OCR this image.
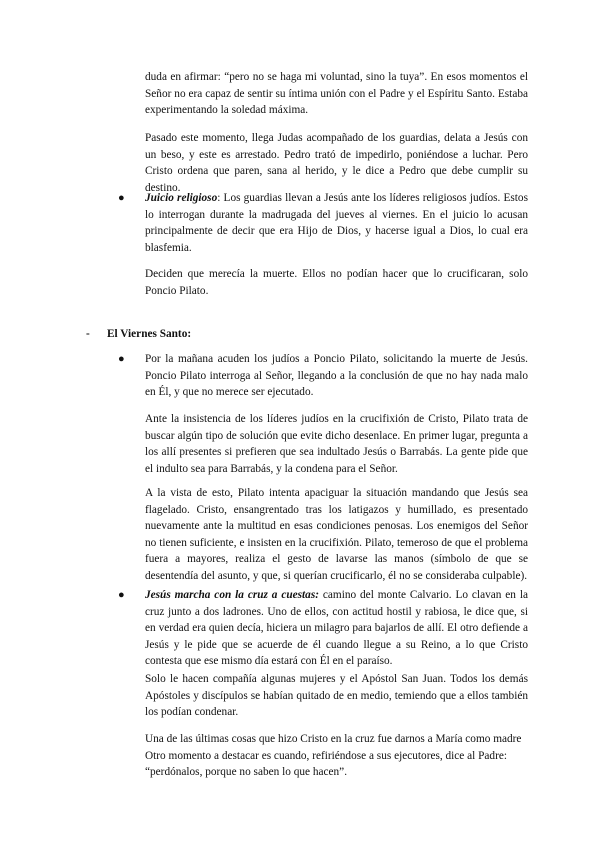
duda en afirmar: “pero no se haga mi voluntad, sino la tuya”. En esos momentos el Señor no era capaz de sentir su íntima unión con el Padre y el Espíritu Santo. Estaba experimentando la soledad máxima.

Pasado este momento, llega Judas acompañado de los guardias, delata a Jesús con un beso, y este es arrestado. Pedro trató de impedirlo, poniéndose a luchar. Pero Cristo ordena que paren, sana al herido, y le dice a Pedro que debe cumplir su destino.

● Juicio religioso: Los guardias llevan a Jesús ante los líderes religiosos judíos. Estos lo interrogan durante la madrugada del jueves al viernes. En el juicio lo acusan principalmente de decir que era Hijo de Dios, y hacerse igual a Dios, lo cual era blasfemia.

Deciden que merecía la muerte. Ellos no podían hacer que lo crucificaran, solo Poncio Pilato.

- El Viernes Santo:
● Por la mañana acuden los judíos a Poncio Pilato, solicitando la muerte de Jesús. Poncio Pilato interroga al Señor, llegando a la conclusión de que no hay nada malo en Él, y que no merece ser ejecutado.

Ante la insistencia de los líderes judíos en la crucifixión de Cristo, Pilato trata de buscar algún tipo de solución que evite dicho desenlace. En primer lugar, pregunta a los allí presentes si prefieren que sea indultado Jesús o Barrabás. La gente pide que el indulto sea para Barrabás, y la condena para el Señor.

A la vista de esto, Pilato intenta apaciguar la situación mandando que Jesús sea flagelado. Cristo, ensangrentado tras los latigazos y humillado, es presentado nuevamente ante la multitud en esas condiciones penosas. Los enemigos del Señor no tienen suficiente, e insisten en la crucifixión. Pilato, temeroso de que el problema fuera a mayores, realiza el gesto de lavarse las manos (símbolo de que se desentendía del asunto, y que, si querían crucificarlo, él no se consideraba culpable).

● Jesús marcha con la cruz a cuestas: camino del monte Calvario. Lo clavan en la cruz junto a dos ladrones. Uno de ellos, con actitud hostil y rabiosa, le dice que, si en verdad era quien decía, hiciera un milagro para bajarlos de allí. El otro defiende a Jesús y le pide que se acuerde de él cuando llegue a su Reino, a lo que Cristo contesta que ese mismo día estará con Él en el paraíso.

Solo le hacen compañía algunas mujeres y el Apóstol San Juan. Todos los demás Apóstoles y discípulos se habían quitado de en medio, temiendo que a ellos también los podían condenar.

Una de las últimas cosas que hizo Cristo en la cruz fue darnos a María como madre
Otro momento a destacar es cuando, refiriéndose a sus ejecutores, dice al Padre:
“perdónalos, porque no saben lo que hacen”.
